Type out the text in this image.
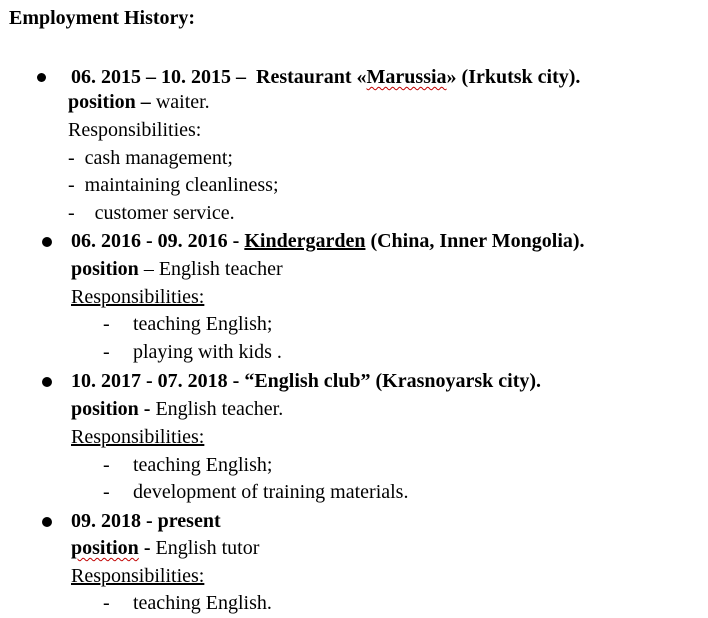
Employment History:
06. 2015 – 10. 2015 – Restaurant «Marussia» (Irkutsk city).
position – waiter.
Responsibilities:
- cash management;
- maintaining cleanliness;
- customer service.
06. 2016 - 09. 2016 - Kindergarden (China, Inner Mongolia).
position – English teacher
Responsibilities:
- teaching English;
- playing with kids .
10. 2017 - 07. 2018 - “English club” (Krasnoyarsk city).
position - English teacher.
Responsibilities:
- teaching English;
- development of training materials.
09. 2018 - present
position - English tutor
Responsibilities:
- teaching English.
